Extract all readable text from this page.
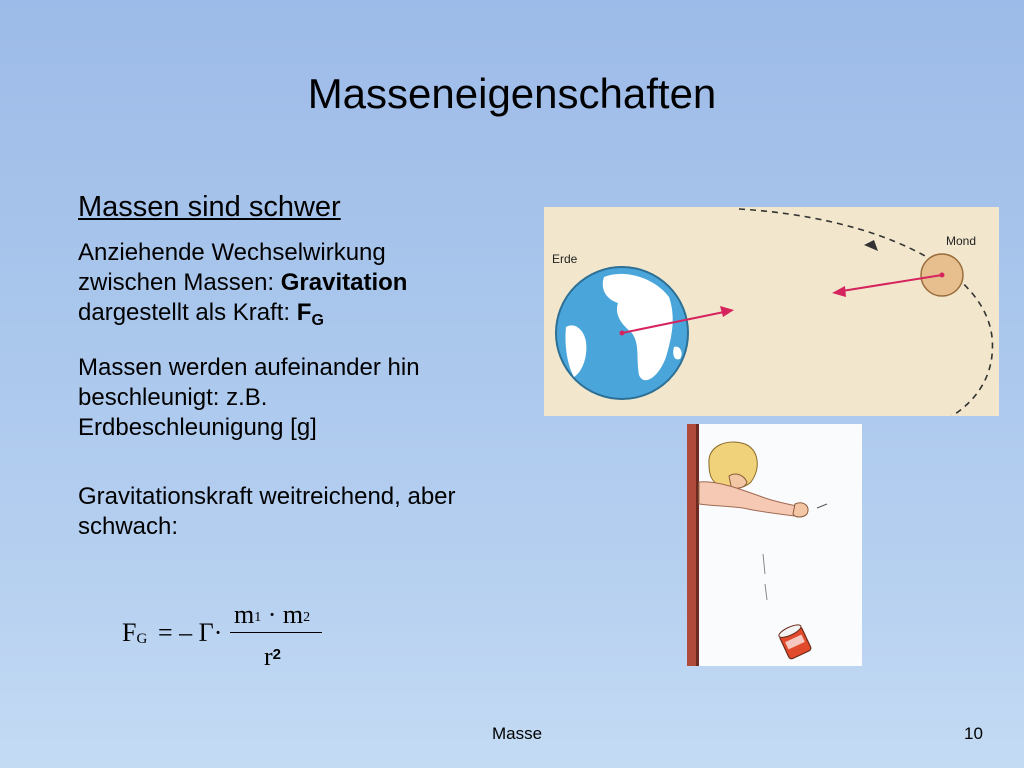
Masseneigenschaften
Massen sind schwer
Anziehende Wechselwirkung
zwischen Massen: Gravitation
dargestellt als Kraft: $F_G$
Massen werden aufeinander hin
beschleunigt: z.B.
Erdbeschleunigung [g]
Gravitationskraft weitreichend, aber
schwach:
FG = – Γ·
m1 · m2
$r^2$
Erde
Mond
Masse	10
